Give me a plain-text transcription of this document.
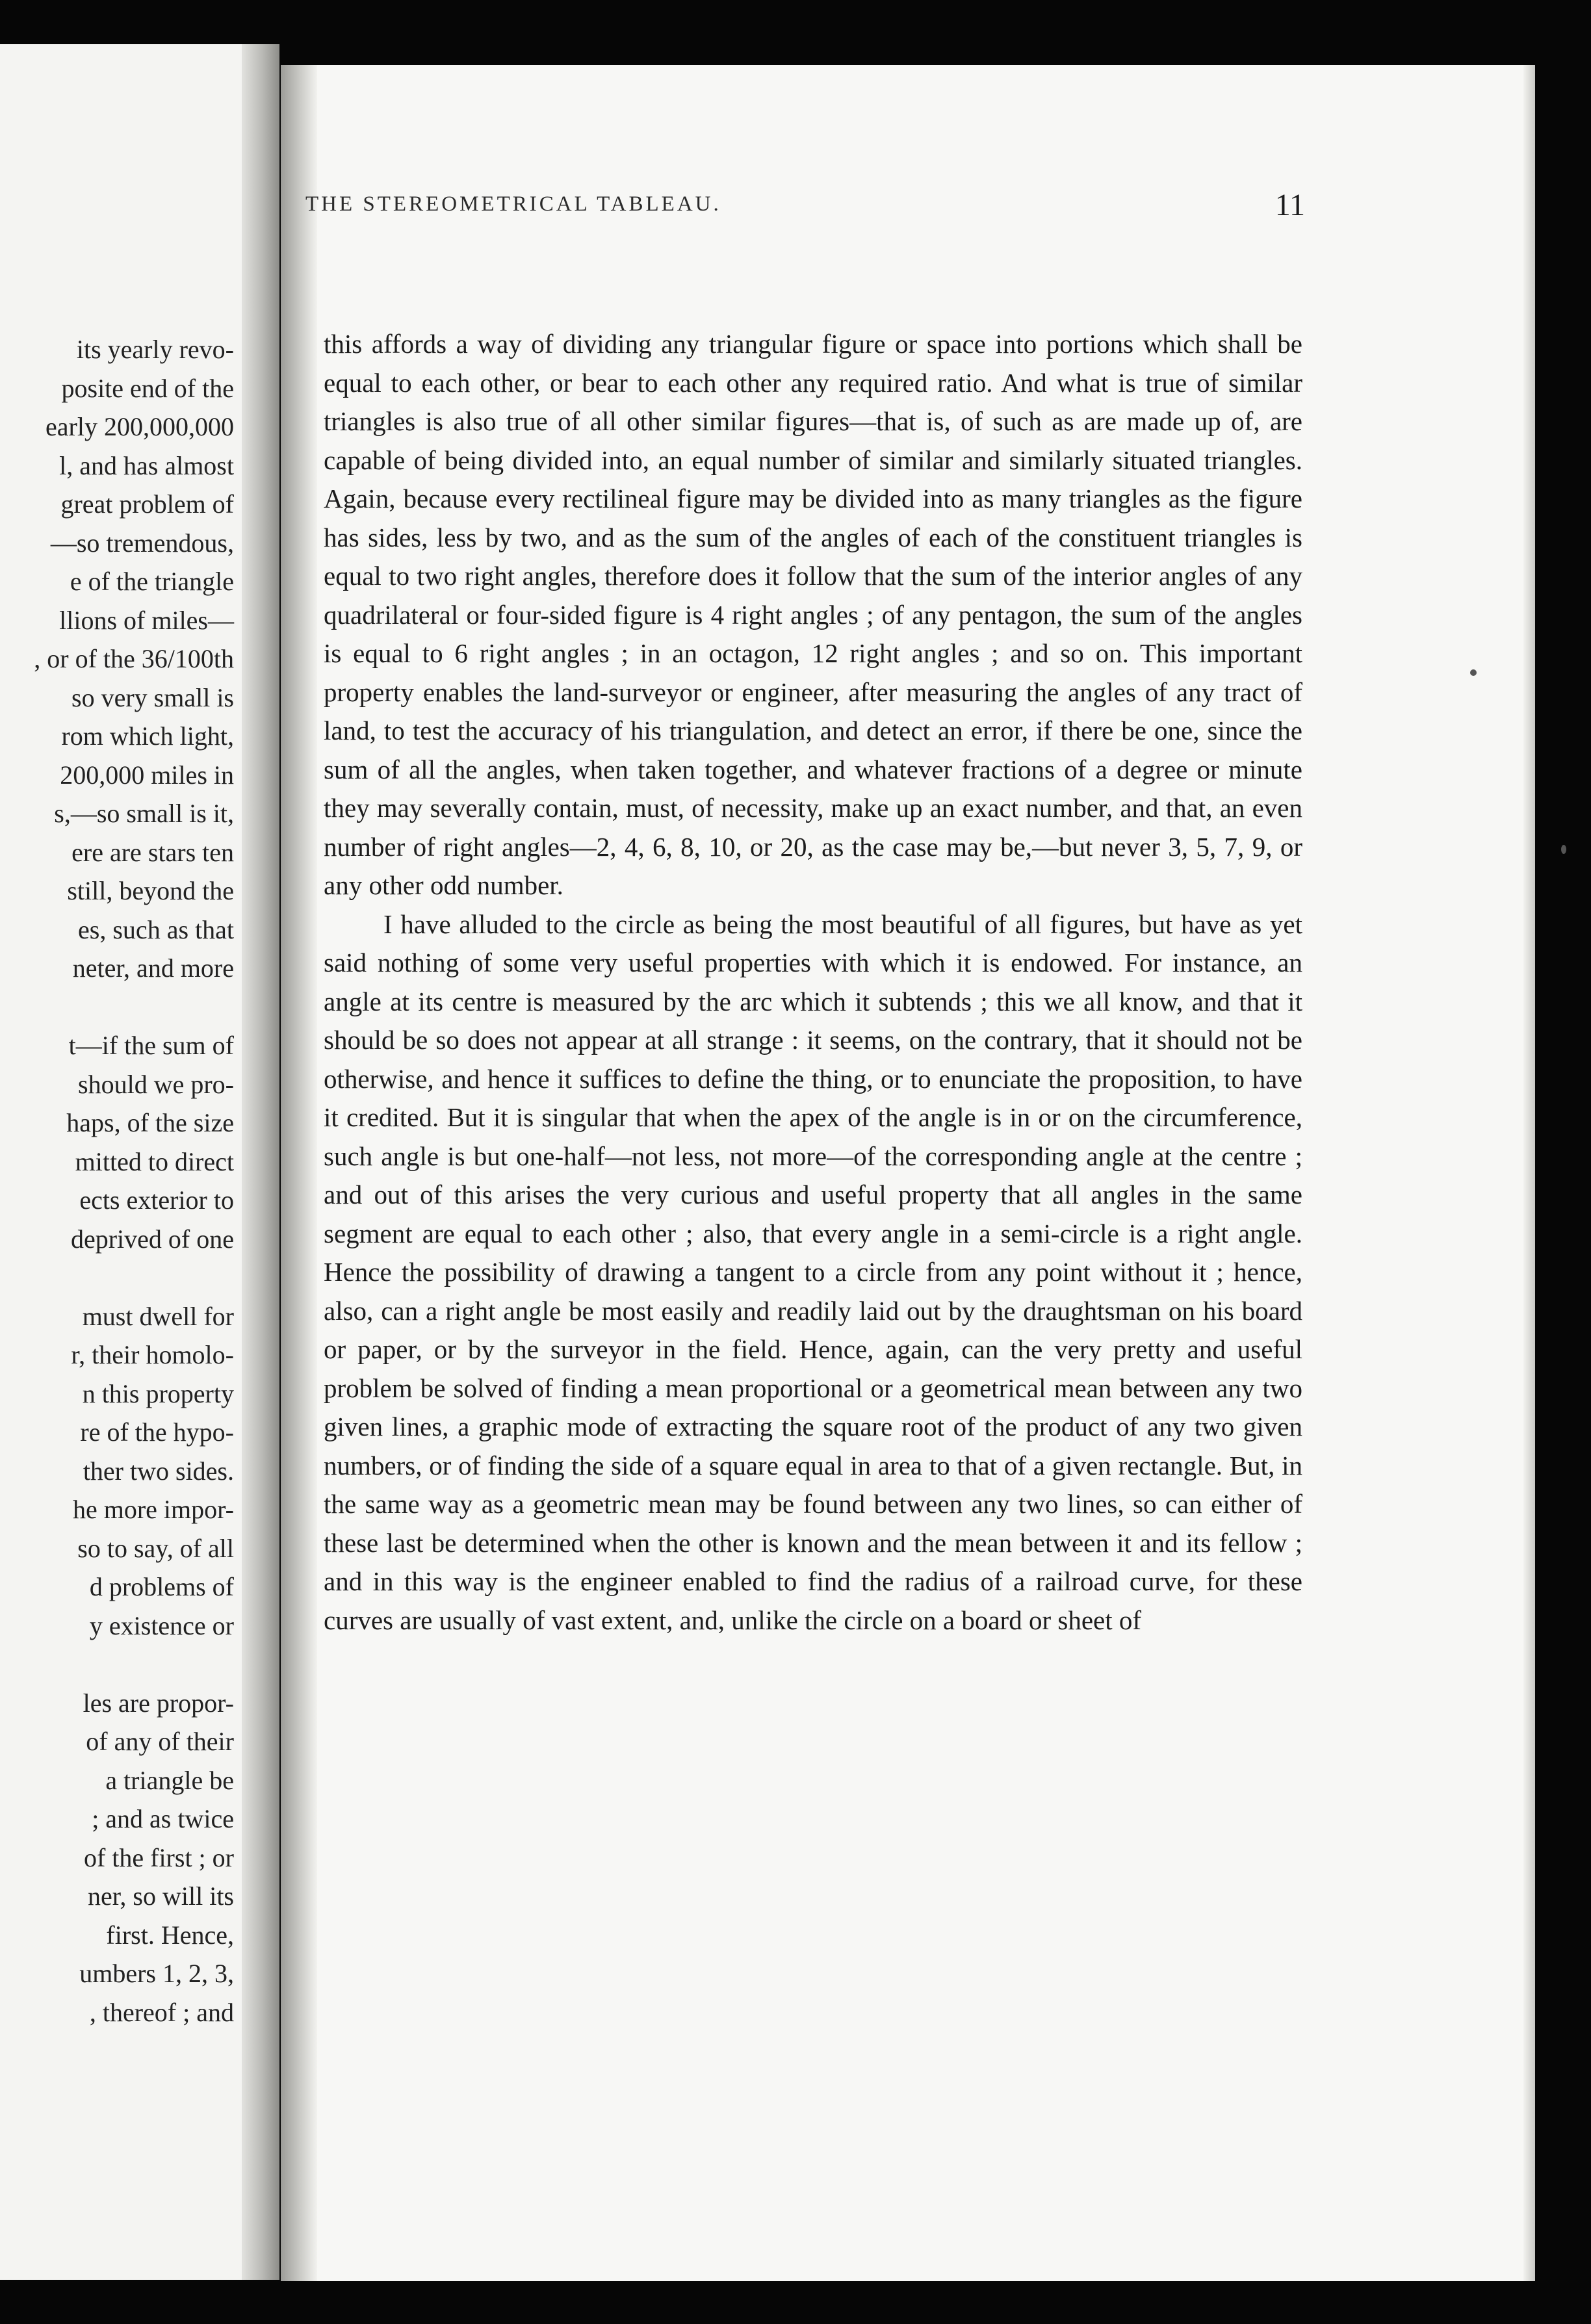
its yearly revo-
posite end of the
early 200,000,000
l, and has almost
great problem of
—so tremendous,
e of the triangle
llions of miles—
, or of the 36/100th
so very small is
rom which light,
200,000 miles in
s,—so small is it,
ere are stars ten
still, beyond the
es, such as that
neter, and more
t—if the sum of
should we pro-
haps, of the size
mitted to direct
ects exterior to
deprived of one
must dwell for
r, their homolo-
n this property
re of the hypo-
ther two sides.
he more impor-
so to say, of all
d problems of
y existence or
les are propor-
of any of their
a triangle be
; and as twice
of the first ; or
ner, so will its
first. Hence,
umbers 1, 2, 3,
, thereof ; and
THE STEREOMETRICAL TABLEAU.	11

this affords a way of dividing any triangular figure or space into portions which shall be equal to each other, or bear to each other any required ratio. And what is true of similar triangles is also true of all other similar figures—that is, of such as are made up of, are capable of being divided into, an equal number of similar and similarly situated triangles. Again, because every rectilineal figure may be divided into as many triangles as the figure has sides, less by two, and as the sum of the angles of each of the constituent triangles is equal to two right angles, therefore does it follow that the sum of the interior angles of any quadrilateral or four-sided figure is 4 right angles ; of any pentagon, the sum of the angles is equal to 6 right angles ; in an octagon, 12 right angles ; and so on. This important property enables the land-surveyor or engineer, after measuring the angles of any tract of land, to test the accuracy of his triangulation, and detect an error, if there be one, since the sum of all the angles, when taken together, and whatever fractions of a degree or minute they may severally contain, must, of necessity, make up an exact number, and that, an even number of right angles—2, 4, 6, 8, 10, or 20, as the case may be,—but never 3, 5, 7, 9, or any other odd number.

I have alluded to the circle as being the most beautiful of all figures, but have as yet said nothing of some very useful properties with which it is endowed. For instance, an angle at its centre is measured by the arc which it subtends ; this we all know, and that it should be so does not appear at all strange : it seems, on the contrary, that it should not be otherwise, and hence it suffices to define the thing, or to enunciate the proposition, to have it credited. But it is singular that when the apex of the angle is in or on the circumference, such angle is but one-half—not less, not more—of the corresponding angle at the centre ; and out of this arises the very curious and useful property that all angles in the same segment are equal to each other ; also, that every angle in a semi-circle is a right angle. Hence the possibility of drawing a tangent to a circle from any point without it ; hence, also, can a right angle be most easily and readily laid out by the draughtsman on his board or paper, or by the surveyor in the field. Hence, again, can the very pretty and useful problem be solved of finding a mean proportional or a geometrical mean between any two given lines, a graphic mode of extracting the square root of the product of any two given numbers, or of finding the side of a square equal in area to that of a given rectangle. But, in the same way as a geometric mean may be found between any two lines, so can either of these last be determined when the other is known and the mean between it and its fellow ; and in this way is the engineer enabled to find the radius of a railroad curve, for these curves are usually of vast extent, and, unlike the circle on a board or sheet of
